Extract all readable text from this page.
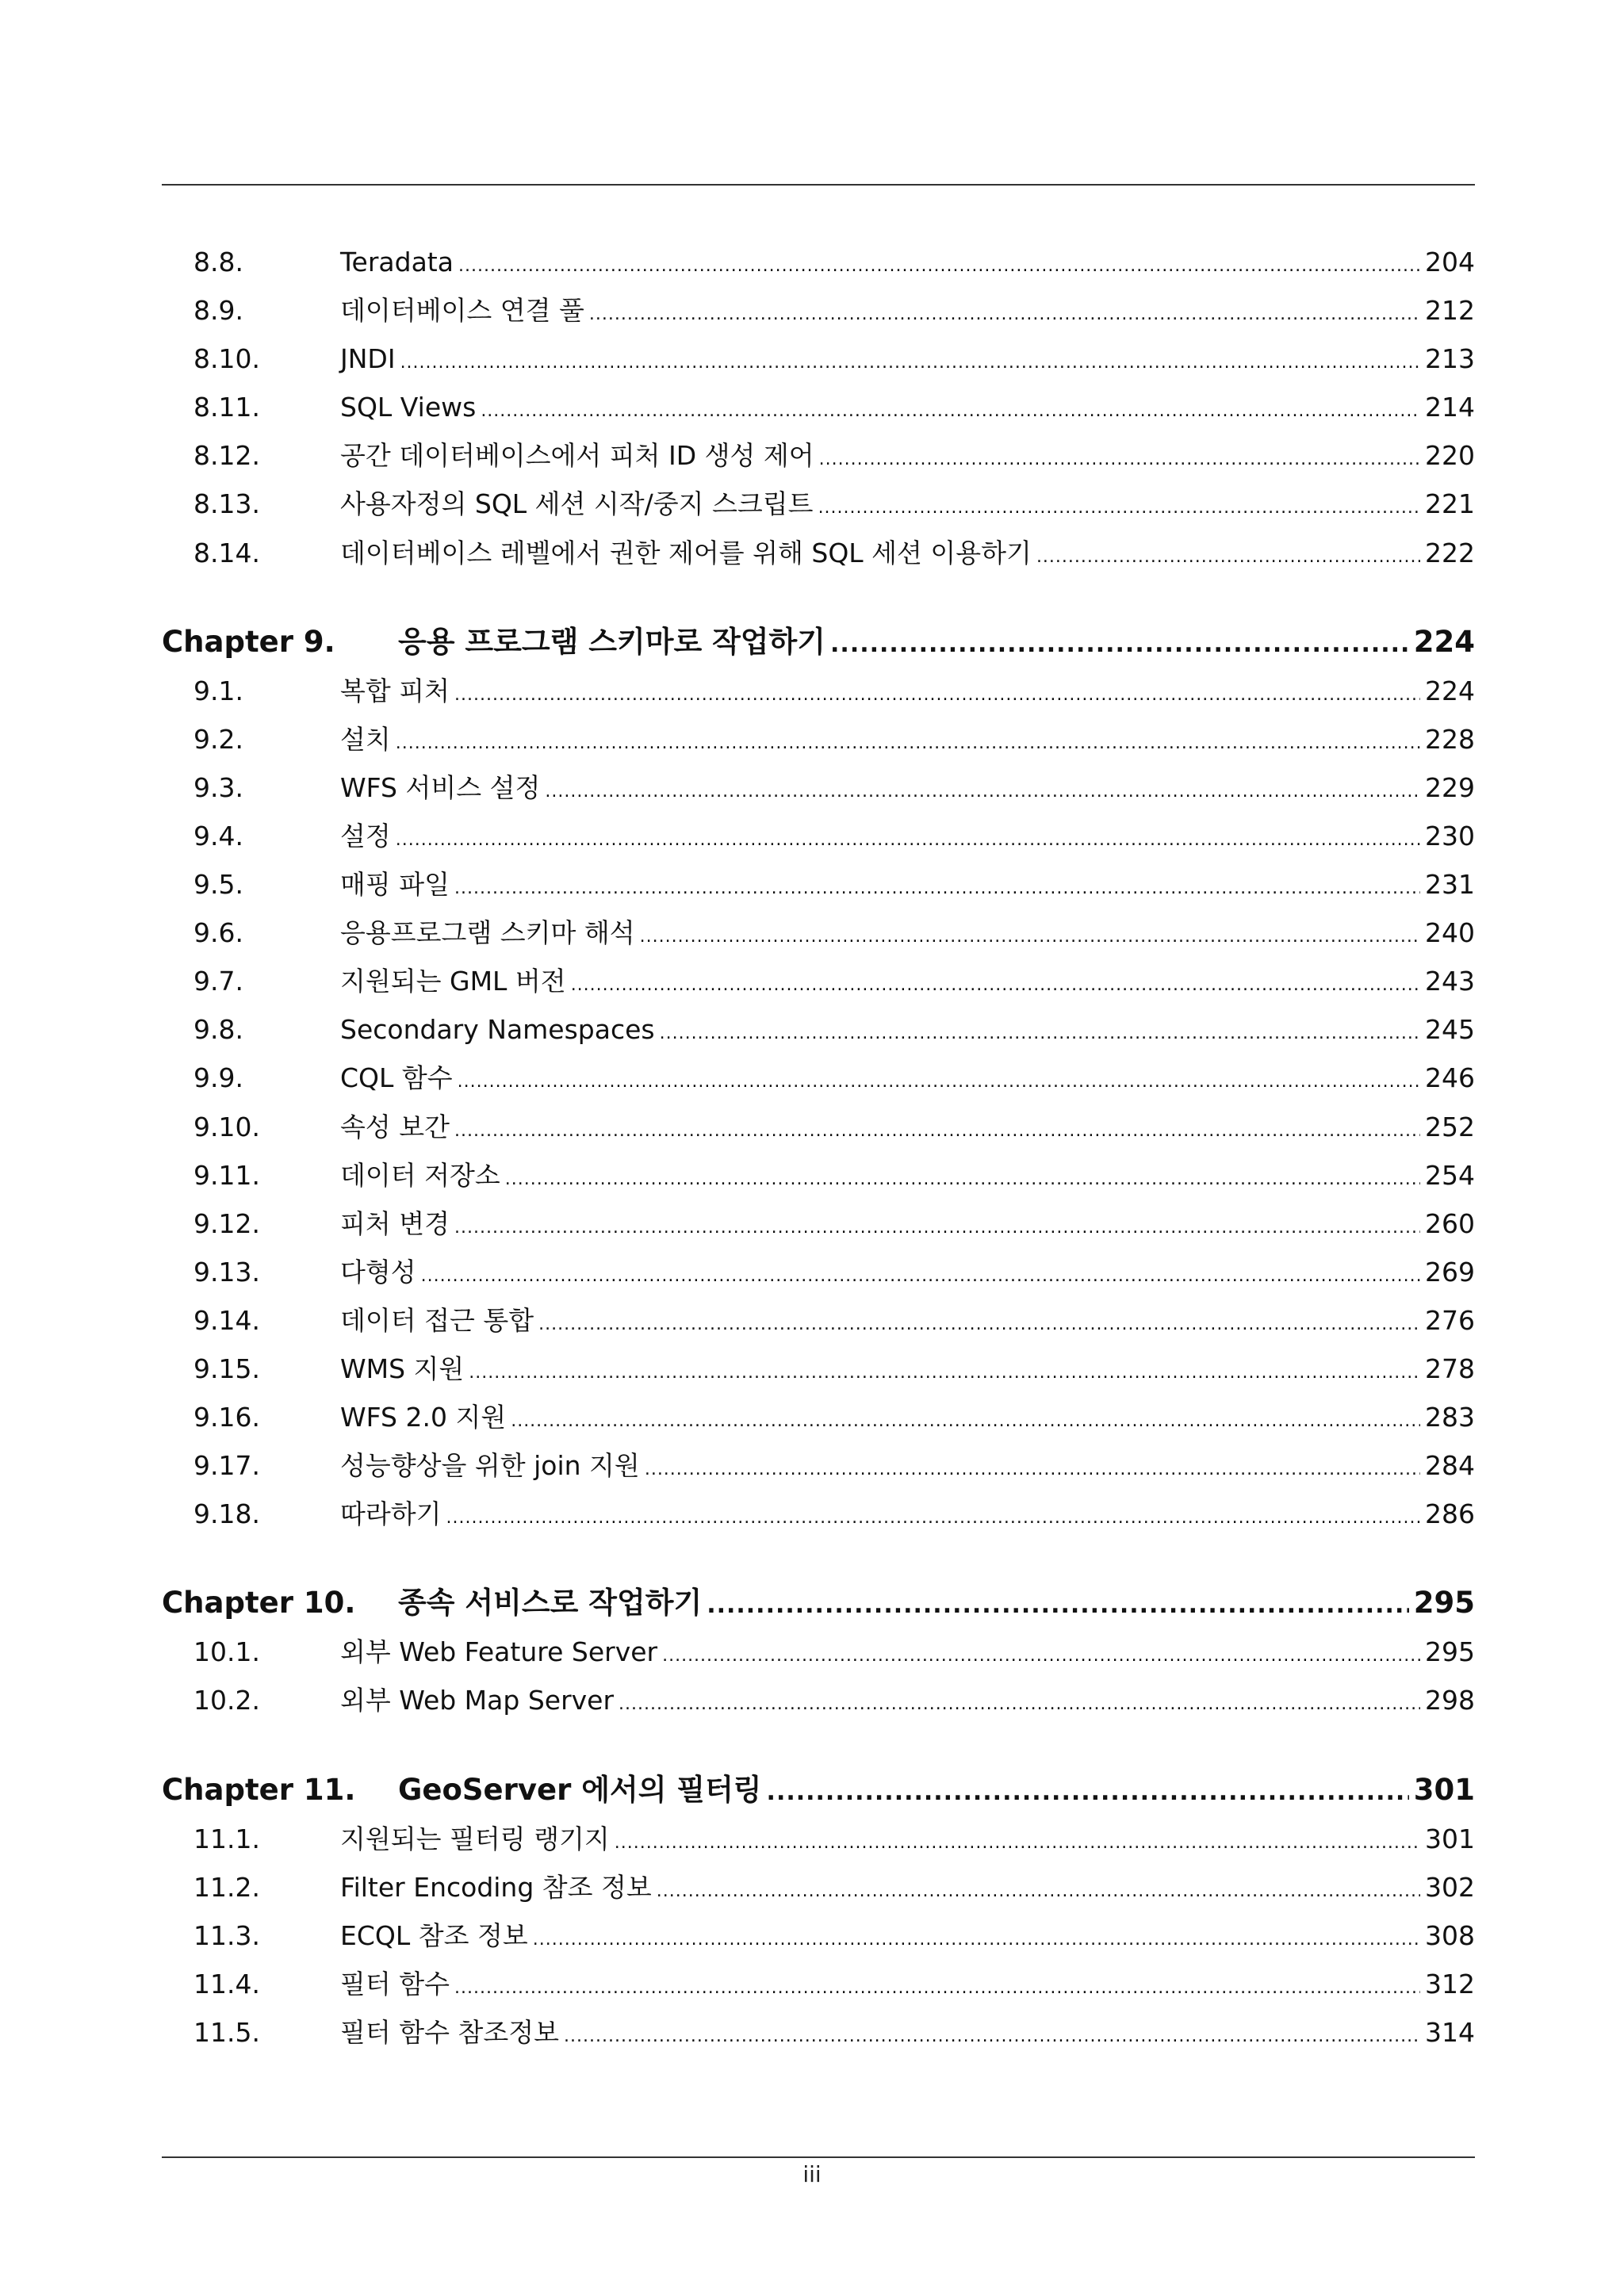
8.8.	Teradata .....	204
8.9.	데이터베이스 연결 풀 .....	212
8.10.	JNDI .....	213
8.11.	SQL Views .....	214
8.12.	공간 데이터베이스에서 피처 ID 생성 제어 .....	220
8.13.	사용자정의 SQL 세션 시작/중지 스크립트 .....	221
8.14.	데이터베이스 레벨에서 권한 제어를 위해 SQL 세션 이용하기 .....	222
Chapter 9.	응용 프로그램 스키마로 작업하기 .....	224
9.1.	복합 피처 .....	224
9.2.	설치 .....	228
9.3.	WFS 서비스 설정 .....	229
9.4.	설정 .....	230
9.5.	매핑 파일 .....	231
9.6.	응용프로그램 스키마 해석 .....	240
9.7.	지원되는 GML 버전 .....	243
9.8.	Secondary Namespaces .....	245
9.9.	CQL 함수 .....	246
9.10.	속성 보간 .....	252
9.11.	데이터 저장소 .....	254
9.12.	피처 변경 .....	260
9.13.	다형성 .....	269
9.14.	데이터 접근 통합 .....	276
9.15.	WMS 지원 .....	278
9.16.	WFS 2.0 지원 .....	283
9.17.	성능향상을 위한 join 지원 .....	284
9.18.	따라하기 .....	286
Chapter 10.	종속 서비스로 작업하기 .....	295
10.1.	외부 Web Feature Server .....	295
10.2.	외부 Web Map Server .....	298
Chapter 11.	GeoServer 에서의 필터링 .....	301
11.1.	지원되는 필터링 랭기지 .....	301
11.2.	Filter Encoding 참조 정보 .....	302
11.3.	ECQL 참조 정보 .....	308
11.4.	필터 함수 .....	312
11.5.	필터 함수 참조정보 .....	314
iii
